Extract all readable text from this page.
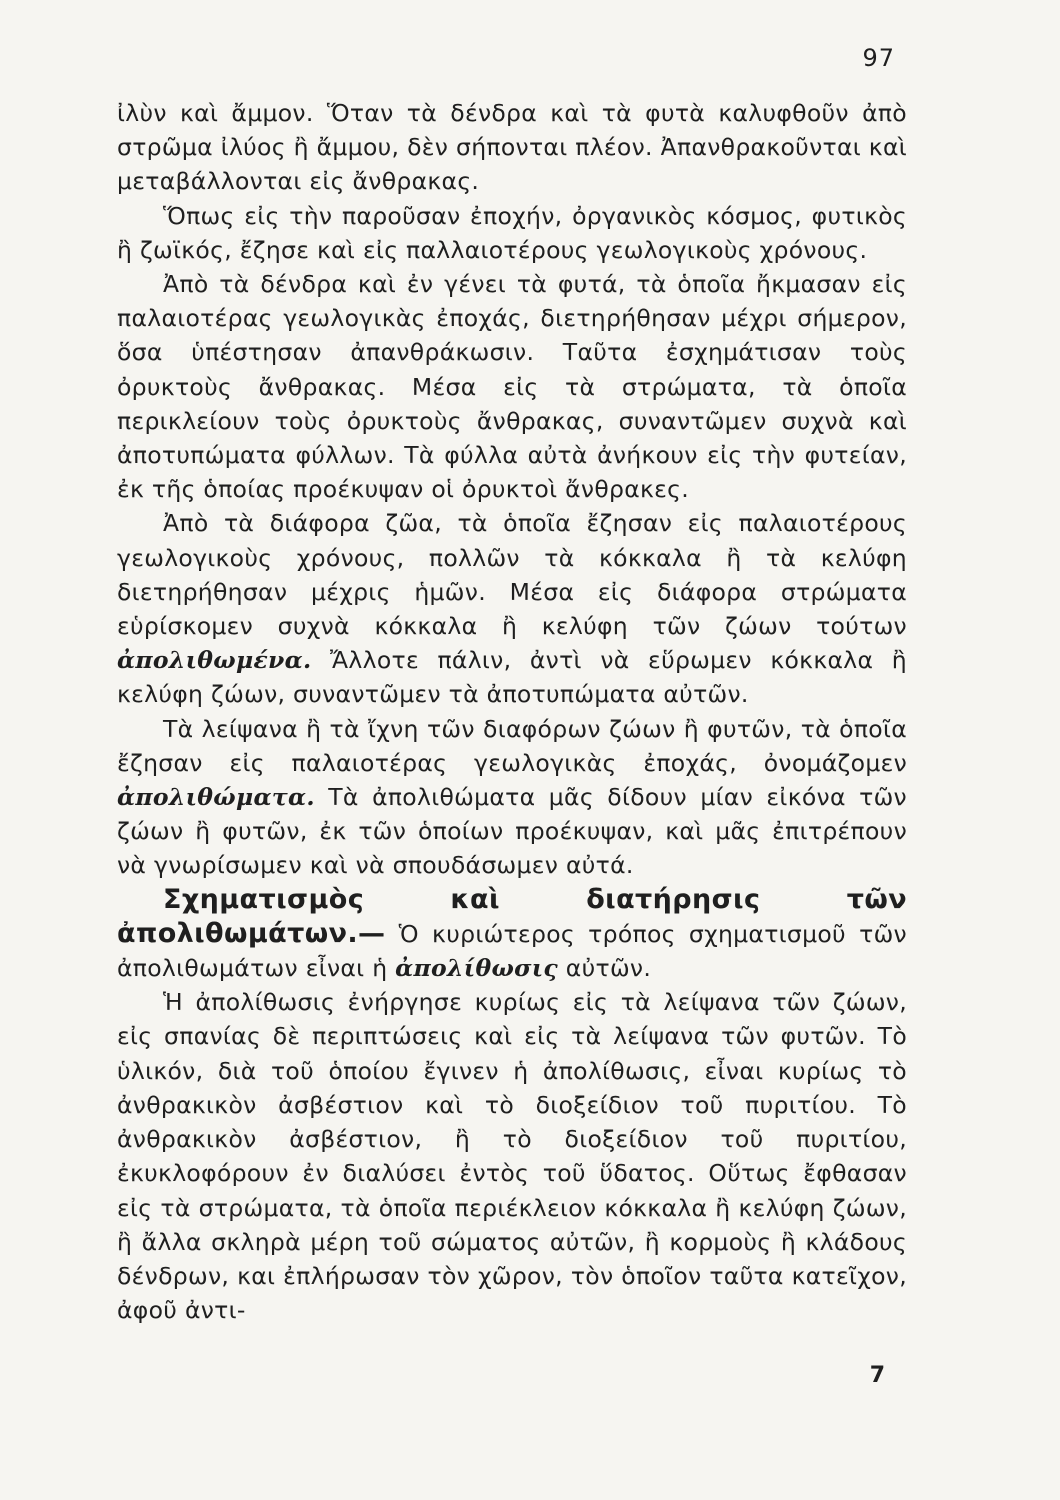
97

ἰλὺν καὶ ἄμμον. Ὅταν τὰ δένδρα καὶ τὰ φυτὰ καλυφθοῦν ἀπὸ στρῶμα ἰλύος ἢ ἄμμου, δὲν σήπονται πλέον. Ἀπανθρακοῦνται καὶ μεταβάλλονται εἰς ἄνθρακας.

Ὅπως εἰς τὴν παροῦσαν ἐποχήν, ὀργανικὸς κόσμος, φυτικὸς ἢ ζωϊκός, ἔζησε καὶ εἰς παλλαιοτέρους γεωλογικοὺς χρόνους.

Ἀπὸ τὰ δένδρα καὶ ἐν γένει τὰ φυτά, τὰ ὁποῖα ἤκμασαν εἰς παλαιοτέρας γεωλογικὰς ἐποχάς, διετηρήθησαν μέχρι σήμερον, ὅσα ὑπέστησαν ἀπανθράκωσιν. Ταῦτα ἐσχημάτισαν τοὺς ὀρυκτοὺς ἄνθρακας. Μέσα εἰς τὰ στρώματα, τὰ ὁποῖα περικλείουν τοὺς ὀρυκτοὺς ἄνθρακας, συναντῶμεν συχνὰ καὶ ἀποτυπώματα φύλλων. Τὰ φύλλα αὐτὰ ἀνήκουν εἰς τὴν φυτείαν, ἐκ τῆς ὁποίας προέκυψαν οἱ ὀρυκτοὶ ἄνθρακες.

Ἀπὸ τὰ διάφορα ζῶα, τὰ ὁποῖα ἔζησαν εἰς παλαιοτέρους γεωλογικοὺς χρόνους, πολλῶν τὰ κόκκαλα ἢ τὰ κελύφη διετηρήθησαν μέχρις ἡμῶν. Μέσα εἰς διάφορα στρώματα εὑρίσκομεν συχνὰ κόκκαλα ἢ κελύφη τῶν ζώων τούτων ἀπολιθωμένα. Ἄλλοτε πάλιν, ἀντὶ νὰ εὕρωμεν κόκκαλα ἢ κελύφη ζώων, συναντῶμεν τὰ ἀποτυπώματα αὐτῶν.

Τὰ λείψανα ἢ τὰ ἴχνη τῶν διαφόρων ζώων ἢ φυτῶν, τὰ ὁποῖα ἔζησαν εἰς παλαιοτέρας γεωλογικὰς ἐποχάς, ὀνομάζομεν ἀπολιθώματα. Τὰ ἀπολιθώματα μᾶς δίδουν μίαν εἰκόνα τῶν ζώων ἢ φυτῶν, ἐκ τῶν ὁποίων προέκυψαν, καὶ μᾶς ἐπιτρέπουν νὰ γνωρίσωμεν καὶ νὰ σπουδάσωμεν αὐτά.

Σχηματισμὸς καὶ διατήρησις τῶν ἀπολιθωμάτων.— Ὁ κυριώτερος τρόπος σχηματισμοῦ τῶν ἀπολιθωμάτων εἶναι ἡ ἀπολίθωσις αὐτῶν.

Ἡ ἀπολίθωσις ἐνήργησε κυρίως εἰς τὰ λείψανα τῶν ζώων, εἰς σπανίας δὲ περιπτώσεις καὶ εἰς τὰ λείψανα τῶν φυτῶν. Τὸ ὑλικόν, διὰ τοῦ ὁποίου ἔγινεν ἡ ἀπολίθωσις, εἶναι κυρίως τὸ ἀνθρακικὸν ἀσβέστιον καὶ τὸ διοξείδιον τοῦ πυριτίου. Τὸ ἀνθρακικὸν ἀσβέστιον, ἢ τὸ διοξείδιον τοῦ πυριτίου, ἐκυκλοφόρουν ἐν διαλύσει ἐντὸς τοῦ ὕδατος. Οὕτως ἔφθασαν εἰς τὰ στρώματα, τὰ ὁποῖα περιέκλειον κόκκαλα ἢ κελύφη ζώων, ἢ ἄλλα σκληρὰ μέρη τοῦ σώματος αὐτῶν, ἢ κορμοὺς ἢ κλάδους δένδρων, και ἐπλήρωσαν τὸν χῶρον, τὸν ὁποῖον ταῦτα κατεῖχον, ἀφοῦ ἀντι-

7
